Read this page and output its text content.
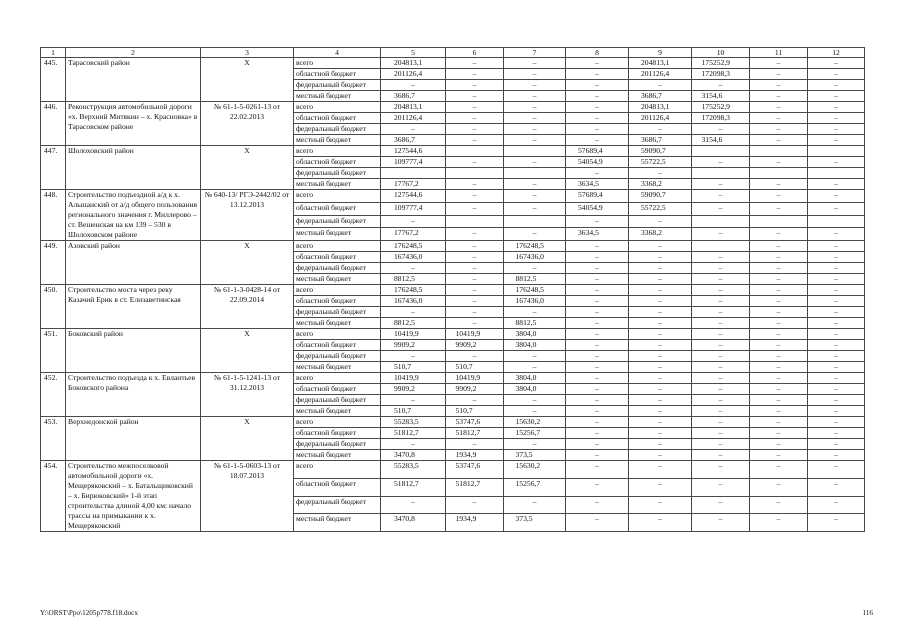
1	2	3	4	5	6	7	8	9	10	11	12
445.	Тарасовский район	Х	всего	204813,1	–	–	–	204813,1	175252,9	–	–
			областной бюджет	201126,4	–	–	–	201126,4	172098,3	–	–
			федеральный бюджет	–	–	–	–	–	–	–	–
			местный бюджет	3686,7	–	–	–	3686,7	3154,6	–	–
446.	Реконструкция автомобильной дороги «х. Верхний Митякин – х. Красновка» в Тарасовском районе	№ 61-1-5-0261-13 от 22.02.2013	всего	204813,1	–	–	–	204813,1	175252,9	–	–
			областной бюджет	201126,4	–	–	–	201126,4	172098,3	–	–
			федеральный бюджет	–	–	–	–	–	–	–	–
			местный бюджет	3686,7	–	–	–	3686,7	3154,6	–	–
447.	Шолоховский район	Х	всего	127544,6			57689,4	59090,7			
			областной бюджет	109777,4	–	–	54054,9	55722,5	–	–	–
			федеральный бюджет				–	–			
			местный бюджет	17767,2	–	–	3634,5	3368,2	–	–	–
448.	Строительство подъездной а/д к х. Альшанский от а/д общего пользования регионального значения г. Миллерово – ст. Вешенская на км 139 – 530 в Шолоховском районе	№ 640-13/ РГЭ-2442/02 от 13.12.2013	всего	127544,6	–	–	57689,4	59090,7	–	–	–
			областной бюджет	109777,4	–	–	54054,9	55722,5	–	–	–
			федеральный бюджет	–			–	–			
			местный бюджет	17767,2	–	–	3634,5	3368,2	–	–	–
449.	Азовский район	Х	всего	176248,5	–	176248,5	–	–		–	–
			областной бюджет	167436,0	–	167436,0	–	–	–	–	–
			федеральный бюджет	–	–	–	–	–	–	–	–
			местный бюджет	8812,5	–	8812,5	–	–	–	–	–
450.	Строительство моста через реку Казачий Ерик в ст. Елизаветинская	№ 61-1-3-0428-14 от 22.09.2014	всего	176248,5	–	176248,5	–	–	–	–	–
			областной бюджет	167436,0	–	167436,0	–	–	–	–	–
			федеральный бюджет	–	–	–	–	–	–	–	–
			местный бюджет	8812,5	–	8812,5	–	–	–	–	–
451.	Боковский район	Х	всего	10419,9	10419,9	3804,0	–	–	–	–	–
			областной бюджет	9909,2	9909,2	3804,0	–	–	–	–	–
			федеральный бюджет	–	–	–	–	–	–	–	–
			местный бюджет	510,7	510,7	–	–	–	–	–	–
452.	Строительство подъезда к х. Евлантьев Боковского района	№ 61-1-5-1241-13 от 31.12.2013	всего	10419,9	10419,9	3804,0	–	–	–	–	–
			областной бюджет	9909,2	9909,2	3804,0	–	–	–	–	–
			федеральный бюджет	–	–	–	–	–	–	–	–
			местный бюджет	510,7	510,7	–	–	–	–	–	–
453.	Верхнедонской район	Х	всего	55283,5	53747,6	15630,2	–	–	–	–	–
			областной бюджет	51812,7	51812,7	15256,7	–	–	–	–	–
			федеральный бюджет	–	–	–	–	–	–	–	–
			местный бюджет	3470,8	1934,9	373,5	–	–	–	–	–
454.	Строительство межпоселковой автомобильной дороги «х. Мещеряковский – х. Батальщиковский – х. Бирюковский» 1-й этап строительства длиной 4,00 км: начало трассы на примыкании к х. Мещеряковский	№ 61-1-5-0603-13 от 18.07.2013	всего	55283,5	53747,6	15630,2	–	–	–	–	–
			областной бюджет	51812,7	51812,7	15256,7	–	–	–	–	–
			федеральный бюджет	–	–	–	–	–	–	–	–
			местный бюджет	3470,8	1934,9	373,5	–	–	–	–	–
Y:\ORST\Ppo\1205p778.f18.docx	116
